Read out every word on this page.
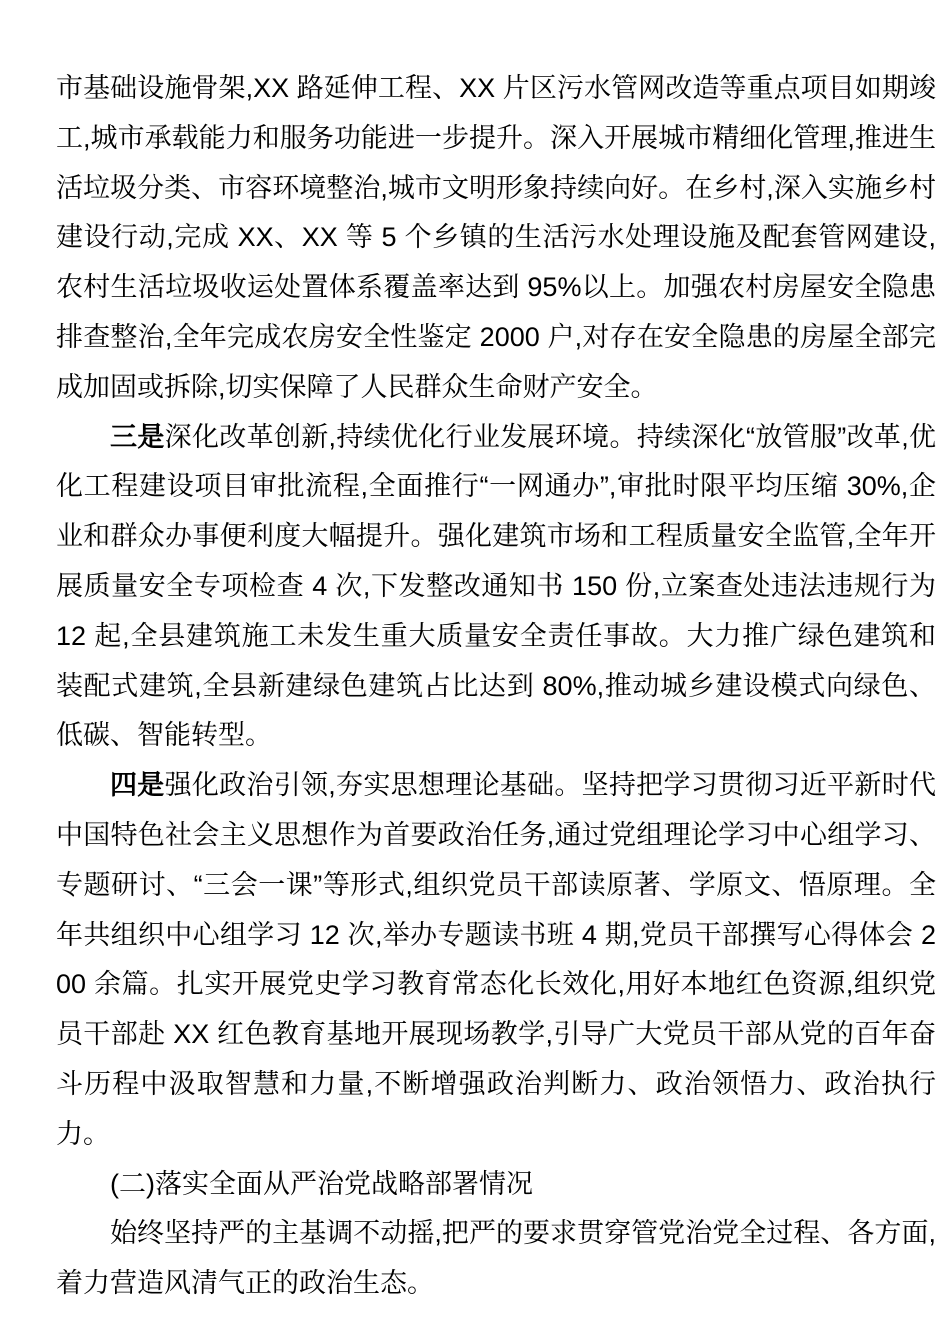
市基础设施骨架,XX 路延伸工程、XX 片区污水管网改造等重点项目如期竣工,城市承载能力和服务功能进一步提升。深入开展城市精细化管理,推进生活垃圾分类、市容环境整治,城市文明形象持续向好。在乡村,深入实施乡村建设行动,完成 XX、XX 等 5 个乡镇的生活污水处理设施及配套管网建设,农村生活垃圾收运处置体系覆盖率达到 95%以上。加强农村房屋安全隐患排查整治,全年完成农房安全性鉴定 2000 户,对存在安全隐患的房屋全部完成加固或拆除,切实保障了人民群众生命财产安全。

三是深化改革创新,持续优化行业发展环境。持续深化“放管服”改革,优化工程建设项目审批流程,全面推行“一网通办”,审批时限平均压缩 30%,企业和群众办事便利度大幅提升。强化建筑市场和工程质量安全监管,全年开展质量安全专项检查 4 次,下发整改通知书 150 份,立案查处违法违规行为 12 起,全县建筑施工未发生重大质量安全责任事故。大力推广绿色建筑和装配式建筑,全县新建绿色建筑占比达到 80%,推动城乡建设模式向绿色、低碳、智能转型。

四是强化政治引领,夯实思想理论基础。坚持把学习贯彻习近平新时代中国特色社会主义思想作为首要政治任务,通过党组理论学习中心组学习、专题研讨、“三会一课”等形式,组织党员干部读原著、学原文、悟原理。全年共组织中心组学习 12 次,举办专题读书班 4 期,党员干部撰写心得体会 200 余篇。扎实开展党史学习教育常态化长效化,用好本地红色资源,组织党员干部赴 XX 红色教育基地开展现场教学,引导广大党员干部从党的百年奋斗历程中汲取智慧和力量,不断增强政治判断力、政治领悟力、政治执行力。

(二)落实全面从严治党战略部署情况

始终坚持严的主基调不动摇,把严的要求贯穿管党治党全过程、各方面,着力营造风清气正的政治生态。
